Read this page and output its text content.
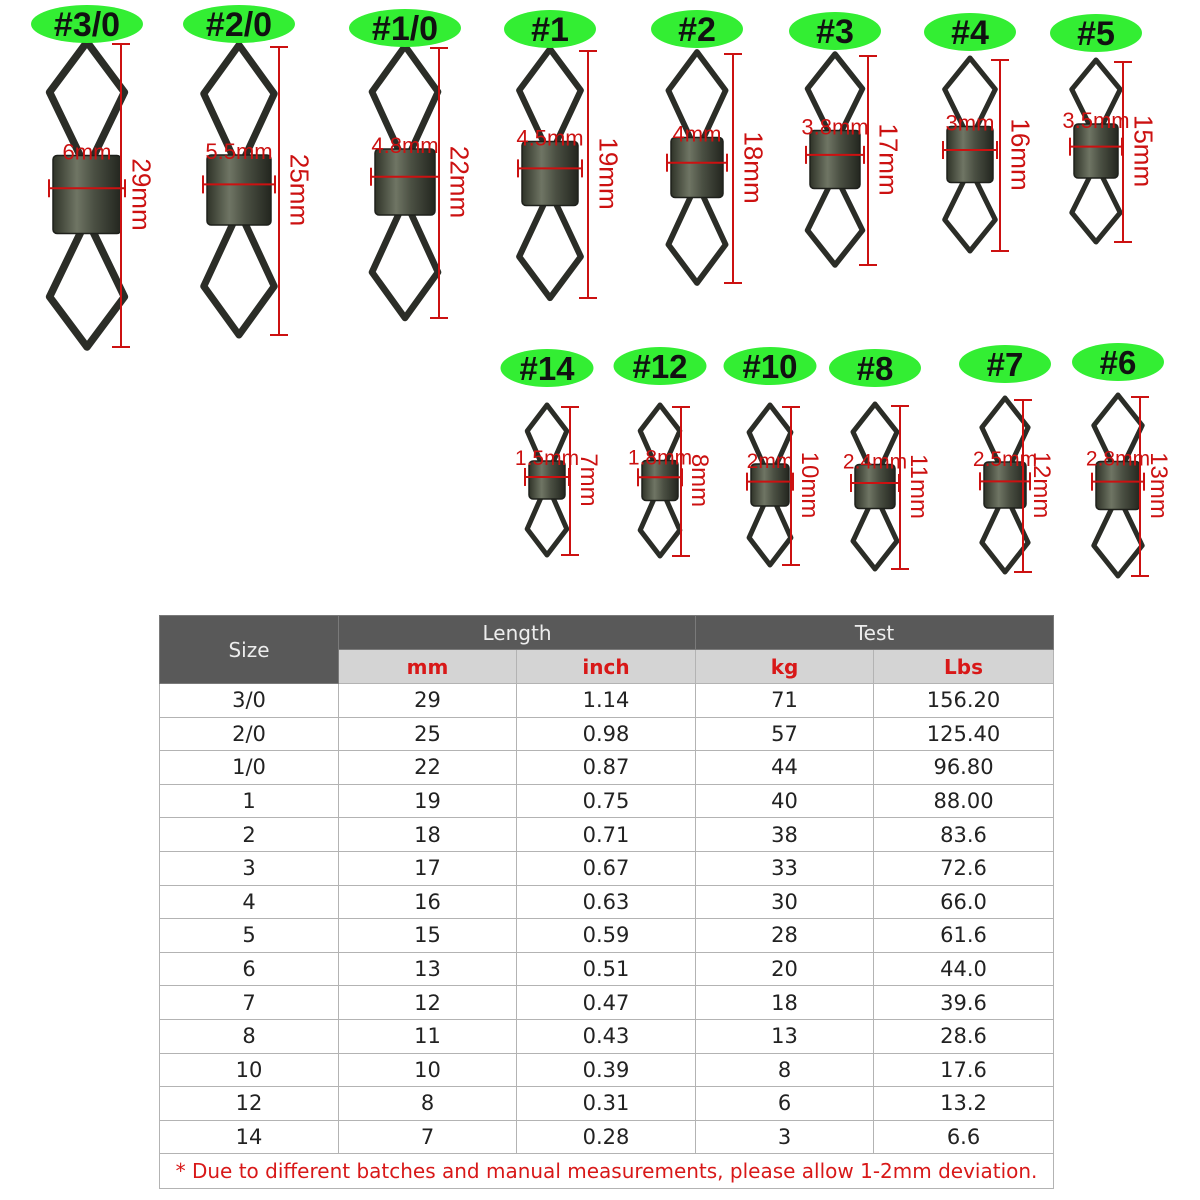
29mm
6mm
#3/0
25mm
5.5mm
#2/0
22mm
4.8mm
#1/0
19mm
4.5mm
#1
18mm
4mm
#2
17mm
3.8mm
#3
16mm
3mm
#4
15mm
3.5mm
#5
7mm
1.5mm
#14
8mm
1.8mm
#12
10mm
2mm
#10
11mm
2.4mm
#8
12mm
2.5mm
#7
13mm
2.8mm
#6
Size	Length		Test	
	mm	inch	kg	Lbs
3/0	29	1.14	71	156.20
2/0	25	0.98	57	125.40
1/0	22	0.87	44	96.80
1	19	0.75	40	88.00
2	18	0.71	38	83.6
3	17	0.67	33	72.6
4	16	0.63	30	66.0
5	15	0.59	28	61.6
6	13	0.51	20	44.0
7	12	0.47	18	39.6
8	11	0.43	13	28.6
10	10	0.39	8	17.6
12	8	0.31	6	13.2
14	7	0.28	3	6.6
* Due to different batches and manual measurements, please allow 1-2mm deviation.				
